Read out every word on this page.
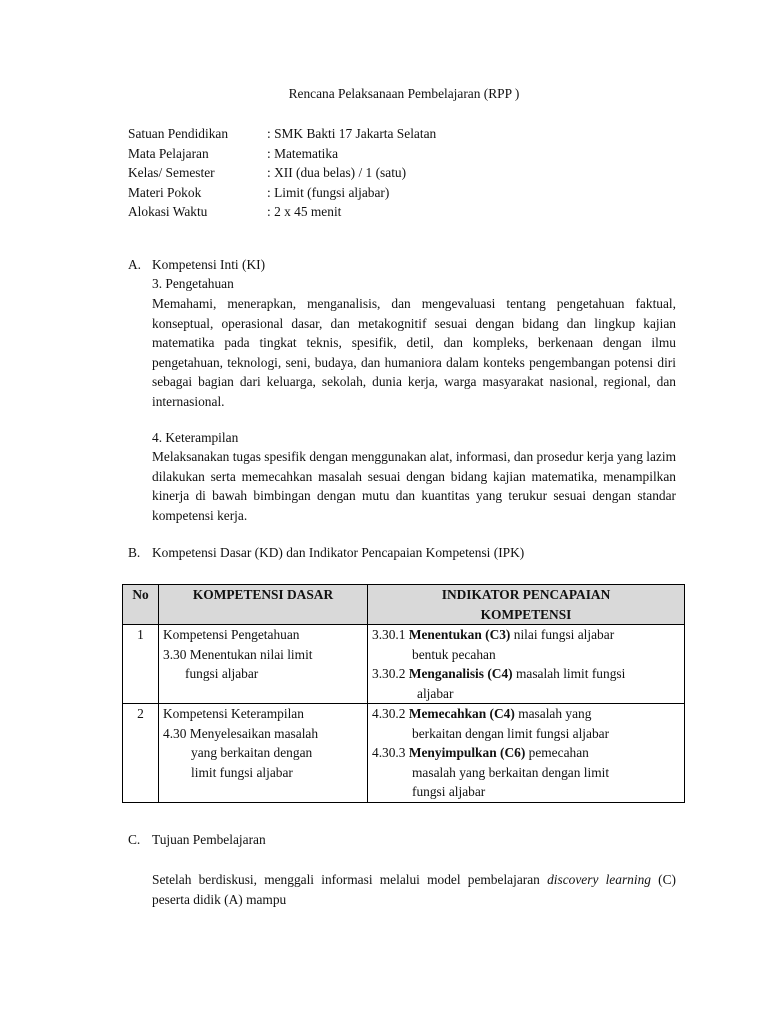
Rencana Pelaksanaan Pembelajaran (RPP )
Satuan Pendidikan	: SMK Bakti 17 Jakarta Selatan
Mata Pelajaran	: Matematika
Kelas/ Semester	: XII (dua belas) / 1 (satu)
Materi Pokok	: Limit (fungsi aljabar)
Alokasi Waktu	: 2 x 45 menit
A. Kompetensi Inti (KI)
3. Pengetahuan

Memahami, menerapkan, menganalisis, dan mengevaluasi tentang pengetahuan faktual, konseptual, operasional dasar, dan metakognitif sesuai dengan bidang dan lingkup kajian matematika pada tingkat teknis, spesifik, detil, dan kompleks, berkenaan dengan ilmu pengetahuan, teknologi, seni, budaya, dan humaniora dalam konteks pengembangan potensi diri sebagai bagian dari keluarga, sekolah, dunia kerja, warga masyarakat nasional, regional, dan internasional.

4. Keterampilan

Melaksanakan tugas spesifik dengan menggunakan alat, informasi, dan prosedur kerja yang lazim dilakukan serta memecahkan masalah sesuai dengan bidang kajian matematika, menampilkan kinerja di bawah bimbingan dengan mutu dan kuantitas yang terukur sesuai dengan standar kompetensi kerja.

B. Kompetensi Dasar (KD) dan Indikator Pencapaian Kompetensi (IPK)
No	KOMPETENSI DASAR	INDIKATOR PENCAPAIAN
KOMPETENSI

1	Kompetensi Pengetahuan
3.30 Menentukan nilai limit
fungsi aljabar	3.30.1 Menentukan (C3) nilai fungsi aljabar
bentuk pecahan
3.30.2 Menganalisis (C4) masalah limit fungsi
aljabar

2	Kompetensi Keterampilan
4.30 Menyelesaikan masalah
yang berkaitan dengan
limit fungsi aljabar	4.30.2 Memecahkan (C4) masalah yang
berkaitan dengan limit fungsi aljabar
4.30.3 Menyimpulkan (C6) pemecahan
masalah yang berkaitan dengan limit
fungsi aljabar
C. Tujuan Pembelajaran

Setelah berdiskusi, menggali informasi melalui model pembelajaran discovery learning (C) peserta didik (A) mampu
